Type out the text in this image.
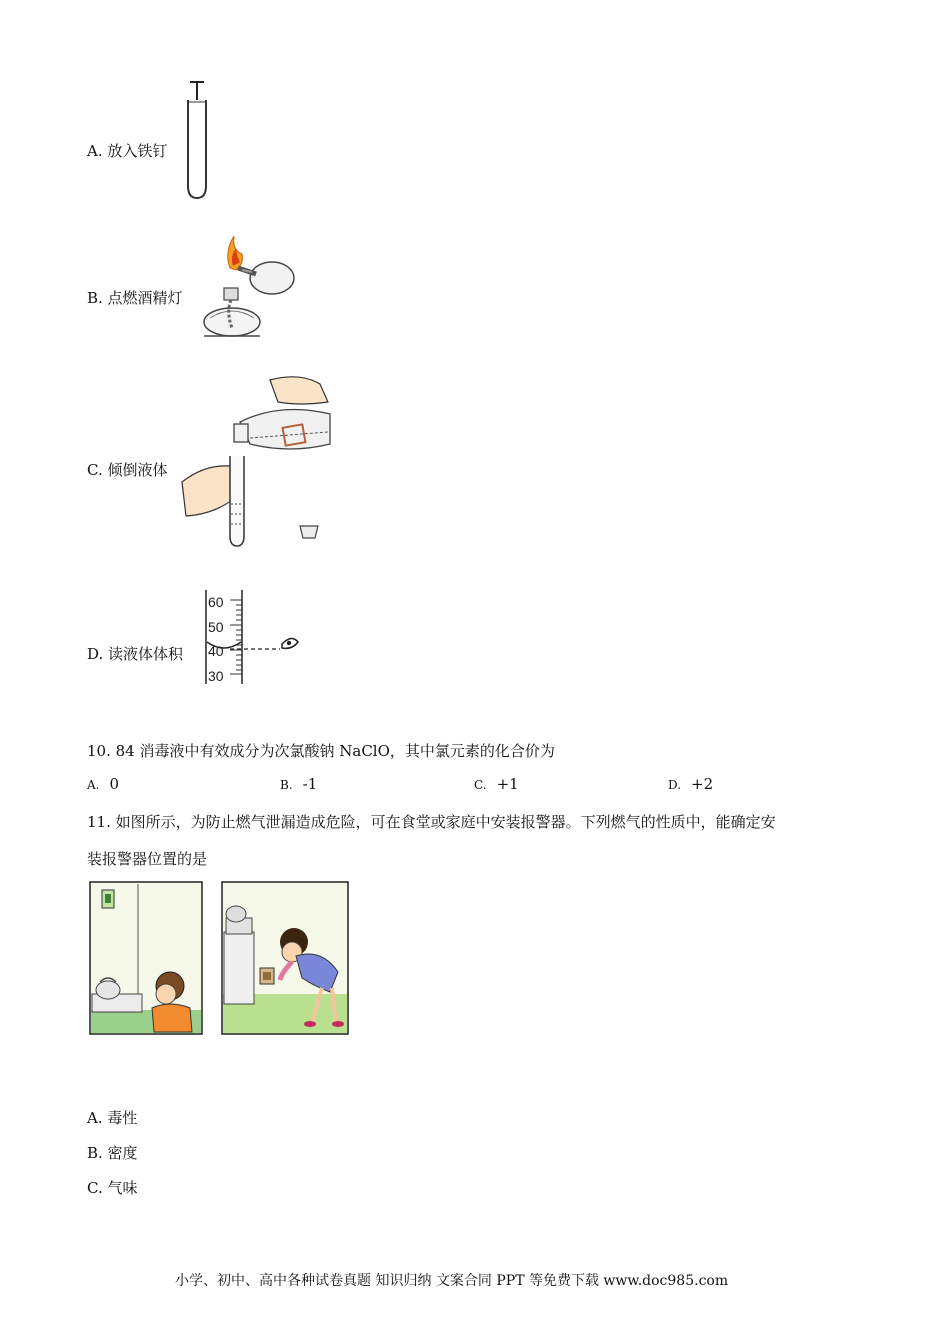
A. 放入铁钉
B. 点燃酒精灯
C. 倾倒液体
D. 读液体体积
60
50
40
30
10. 84 消毒液中有效成分为次氯酸钠 NaClO，其中氯元素的化合价为
A. 0	B. -1	C. +1	D. +2
11. 如图所示，为防止燃气泄漏造成危险，可在食堂或家庭中安装报警器。下列燃气的性质中，能确定安
装报警器位置的是
A. 毒性
B. 密度
C. 气味
小学、初中、高中各种试卷真题 知识归纳 文案合同 PPT 等免费下载 www.doc985.com
